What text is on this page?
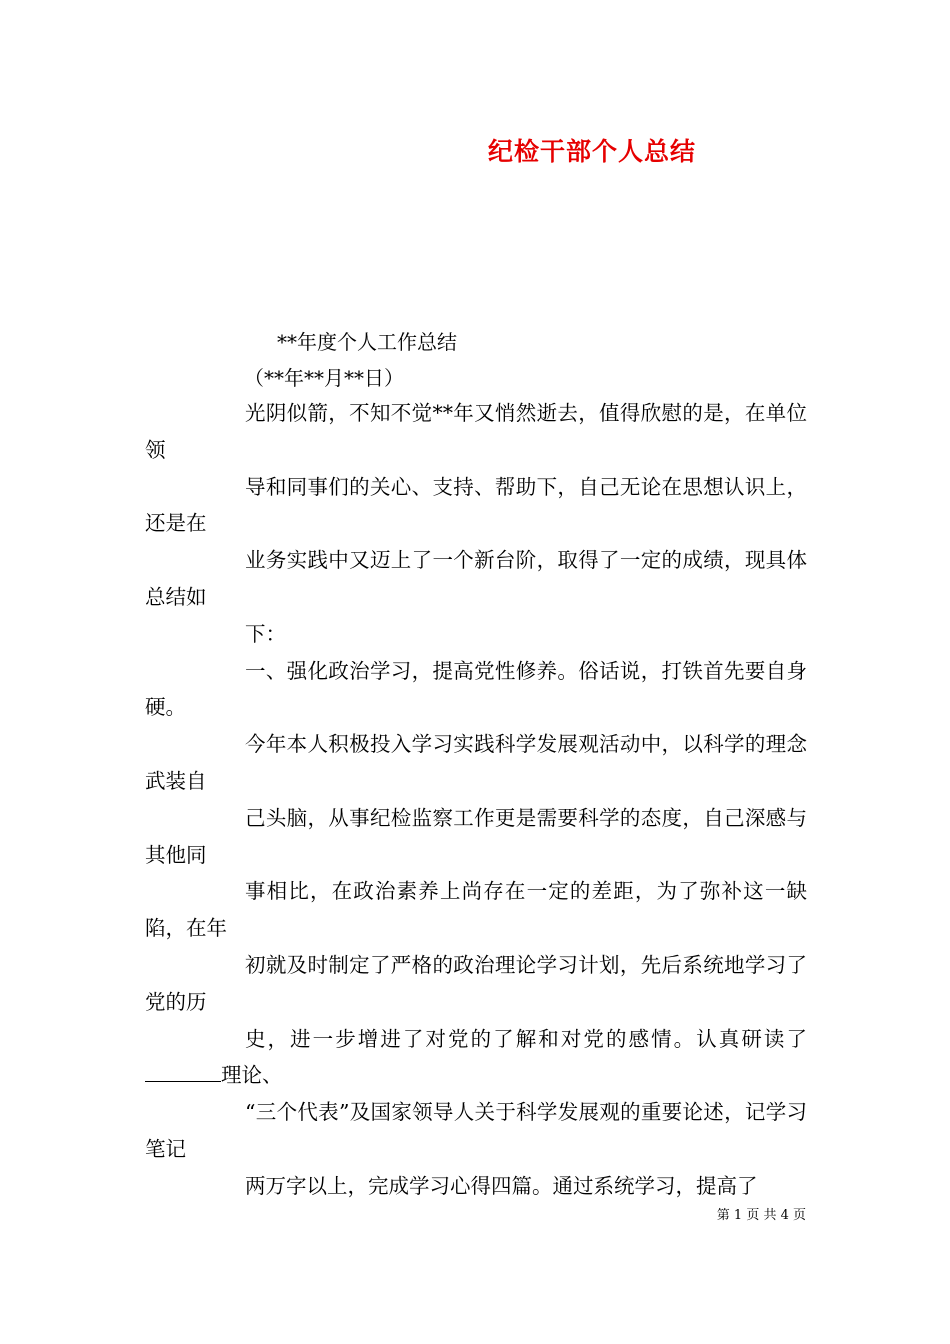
纪检干部个人总结
**年度个人工作总结
（**年**月**日）

光阴似箭，不知不觉**年又悄然逝去，值得欣慰的是，在单位领

导和同事们的关心、支持、帮助下，自己无论在思想认识上，还是在

业务实践中又迈上了一个新台阶，取得了一定的成绩，现具体总结如

下：

一、强化政治学习，提高党性修养。俗话说，打铁首先要自身硬。

今年本人积极投入学习实践科学发展观活动中，以科学的理念武装自

己头脑，从事纪检监察工作更是需要科学的态度，自己深感与其他同

事相比，在政治素养上尚存在一定的差距，为了弥补这一缺陷，在年

初就及时制定了严格的政治理论学习计划，先后系统地学习了党的历

史，进一步增进了对党的了解和对党的感情。认真研读了理论、

“三个代表”及国家领导人关于科学发展观的重要论述，记学习笔记

两万字以上，完成学习心得四篇。通过系统学习，提高了

第 1 页 共 4 页
